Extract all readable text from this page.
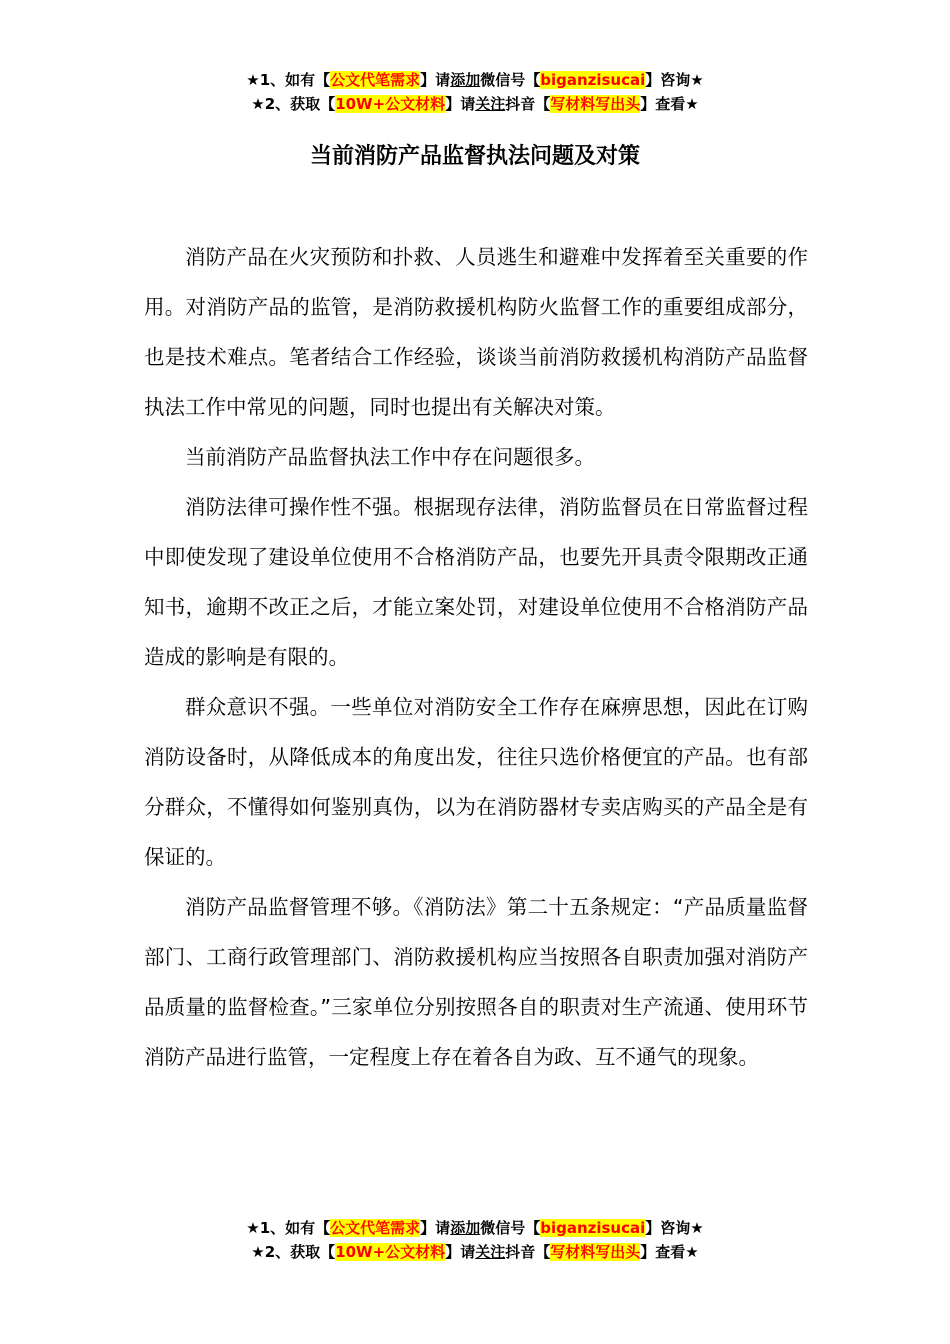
★1、如有【公文代笔需求】请添加微信号【biganzisucai】咨询★
★2、获取【10W+公文材料】请关注抖音【写材料写出头】查看★
当前消防产品监督执法问题及对策

消防产品在火灾预防和扑救、人员逃生和避难中发挥着至关重要的作用。对消防产品的监管，是消防救援机构防火监督工作的重要组成部分，也是技术难点。笔者结合工作经验，谈谈当前消防救援机构消防产品监督执法工作中常见的问题，同时也提出有关解决对策。

当前消防产品监督执法工作中存在问题很多。

消防法律可操作性不强。根据现存法律，消防监督员在日常监督过程中即使发现了建设单位使用不合格消防产品，也要先开具责令限期改正通知书，逾期不改正之后，才能立案处罚，对建设单位使用不合格消防产品造成的影响是有限的。

群众意识不强。一些单位对消防安全工作存在麻痹思想，因此在订购消防设备时，从降低成本的角度出发，往往只选价格便宜的产品。也有部分群众，不懂得如何鉴别真伪，以为在消防器材专卖店购买的产品全是有保证的。

消防产品监督管理不够。《消防法》第二十五条规定：“产品质量监督部门、工商行政管理部门、消防救援机构应当按照各自职责加强对消防产品质量的监督检查。”三家单位分别按照各自的职责对生产流通、使用环节消防产品进行监管，一定程度上存在着各自为政、互不通气的现象。

★1、如有【公文代笔需求】请添加微信号【biganzisucai】咨询★
★2、获取【10W+公文材料】请关注抖音【写材料写出头】查看★
